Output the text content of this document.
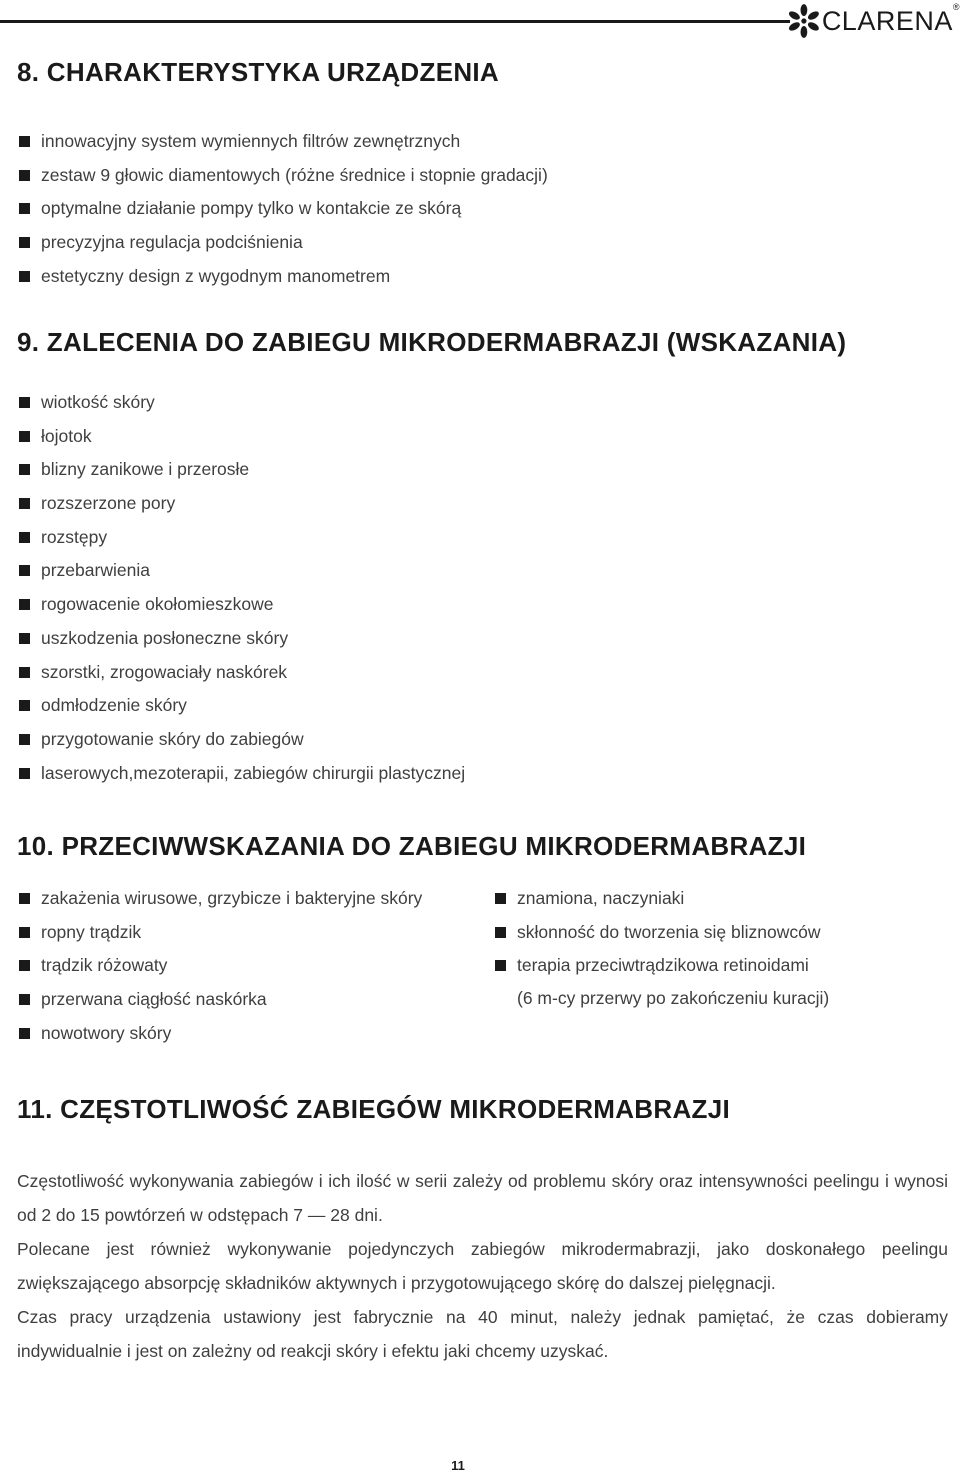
CLARENA®
8. CHARAKTERYSTYKA URZĄDZENIA
innowacyjny system wymiennych filtrów zewnętrznych
zestaw 9 głowic diamentowych (różne średnice i stopnie gradacji)
optymalne działanie pompy tylko w kontakcie ze skórą
precyzyjna regulacja podciśnienia
estetyczny design z wygodnym manometrem
9. ZALECENIA DO ZABIEGU MIKRODERMABRAZJI (WSKAZANIA)
wiotkość skóry
łojotok
blizny zanikowe i przerosłe
rozszerzone pory
rozstępy
przebarwienia
rogowacenie okołomieszkowe
uszkodzenia posłoneczne skóry
szorstki, zrogowaciały naskórek
odmłodzenie skóry
przygotowanie skóry do zabiegów
laserowych,mezoterapii, zabiegów chirurgii plastycznej
10. PRZECIWWSKAZANIA DO ZABIEGU MIKRODERMABRAZJI
zakażenia wirusowe, grzybicze i bakteryjne skóry
ropny trądzik
trądzik różowaty
przerwana ciągłość naskórka
nowotwory skóry
znamiona, naczyniaki
skłonność do tworzenia się bliznowców
terapia przeciwtrądzikowa retinoidami
(6 m-cy przerwy po zakończeniu kuracji)
11. CZĘSTOTLIWOŚĆ ZABIEGÓW MIKRODERMABRAZJI

Częstotliwość wykonywania zabiegów i ich ilość w serii zależy od problemu skóry oraz intensywności peelingu i wynosi od 2 do 15 powtórzeń w odstępach 7 — 28 dni.

Polecane jest również wykonywanie pojedynczych zabiegów mikrodermabrazji, jako doskonałego peelingu zwiększającego absorpcję składników aktywnych i przygotowującego skórę do dalszej pielęgnacji.

Czas pracy urządzenia ustawiony jest fabrycznie na 40 minut, należy jednak pamiętać, że czas dobieramy indywidualnie i jest on zależny od reakcji skóry i efektu jaki chcemy uzyskać.

11
